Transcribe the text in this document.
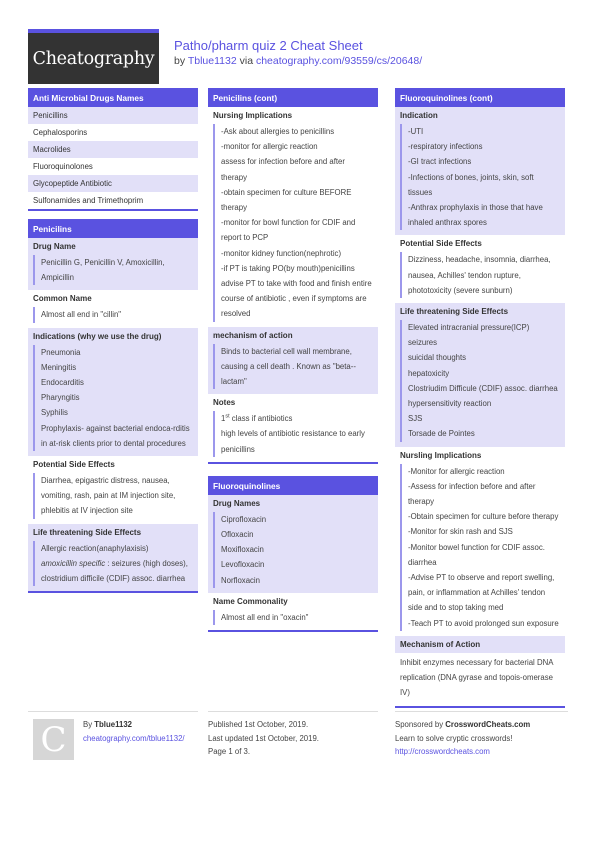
Cheatography
Patho/pharm quiz 2 Cheat Sheet
by Tblue1132 via cheatography.com/93559/cs/20648/
Anti Microbial Drugs Names
Penicillins
Cephalosporins
Macrolides
Fluoroquinolones
Glycopeptide Antibiotic
Sulfonamides and Trimethoprim
Penicilins
Drug Name
Penicillin G, Penicillin V, Amoxicillin, Ampicillin
Common Name
Almost all end in "cillin"
Indications (why we use the drug)
Pneumonia
Meningitis
Endocarditis
Pharyngitis
Syphilis
Prophylaxis- against bacterial endoca-rditis in at-risk clients prior to dental procedures
Potential Side Effects
Diarrhea, epigastric distress, nausea, vomiting, rash, pain at IM injection site, phlebitis at IV injection site
Life threatening Side Effects
Allergic reaction(anaphylaxisis)
amoxicillin specific : seizures (high doses), clostridium difficile (CDIF) assoc. diarrhea
Penicilins (cont)
Nursing Implications
-Ask about allergies to penicillins
-monitor for allergic reaction
assess for infection before and after therapy
-obtain specimen for culture BEFORE therapy
-monitor for bowl function for CDIF and report to PCP
-monitor kidney function(nephrotic)
-if PT is taking PO(by mouth)penicillins advise PT to take with food and finish entire course of antibiotic , even if symptoms are resolved
mechanism of action
Binds to bacterial cell wall membrane, causing a cell death . Known as "beta--lactam"
Notes
1st class if antibiotics
high levels of antibiotic resistance to early penicillins
Fluoroquinolines
Drug Names
Ciprofloxacin
Ofloxacin
Moxifloxacin
Levofloxacin
Norfloxacin
Name Commonality
Almost all end in "oxacin"
Fluoroquinolines (cont)
Indication
-UTI
-respiratory infections
-GI tract infections
-Infections of bones, joints, skin, soft tissues
-Anthrax prophylaxis in those that have inhaled anthrax spores
Potential Side Effects
Dizziness, headache, insomnia, diarrhea, nausea, Achilles' tendon rupture, phototoxicity (severe sunburn)
Life threatening Side Effects
Elevated intracranial pressure(ICP)
seizures
suicidal thoughts
hepatoxicity
Clostriudim Difficule (CDIF) assoc. diarrhea
hypersensitivity reaction
SJS
Torsade de Pointes
Nursling Implications
-Monitor for allergic reaction
-Assess for infection before and after therapy
-Obtain specimen for culture before therapy
-Monitor for skin rash and SJS
-Monitor bowel function for CDIF assoc. diarrhea
-Advise PT to observe and report swelling, pain, or inflammation at Achilles' tendon side and to stop taking med
-Teach PT to avoid prolonged sun exposure
Mechanism of Action
Inhibit enzymes necessary for bacterial DNA replication (DNA gyrase and topois-omerase IV)
C By Tblue1132
cheatography.com/tblue1132/
Published 1st October, 2019.
Last updated 1st October, 2019.
Page 1 of 3.
Sponsored by CrosswordCheats.com
Learn to solve cryptic crosswords!
http://crosswordcheats.com
